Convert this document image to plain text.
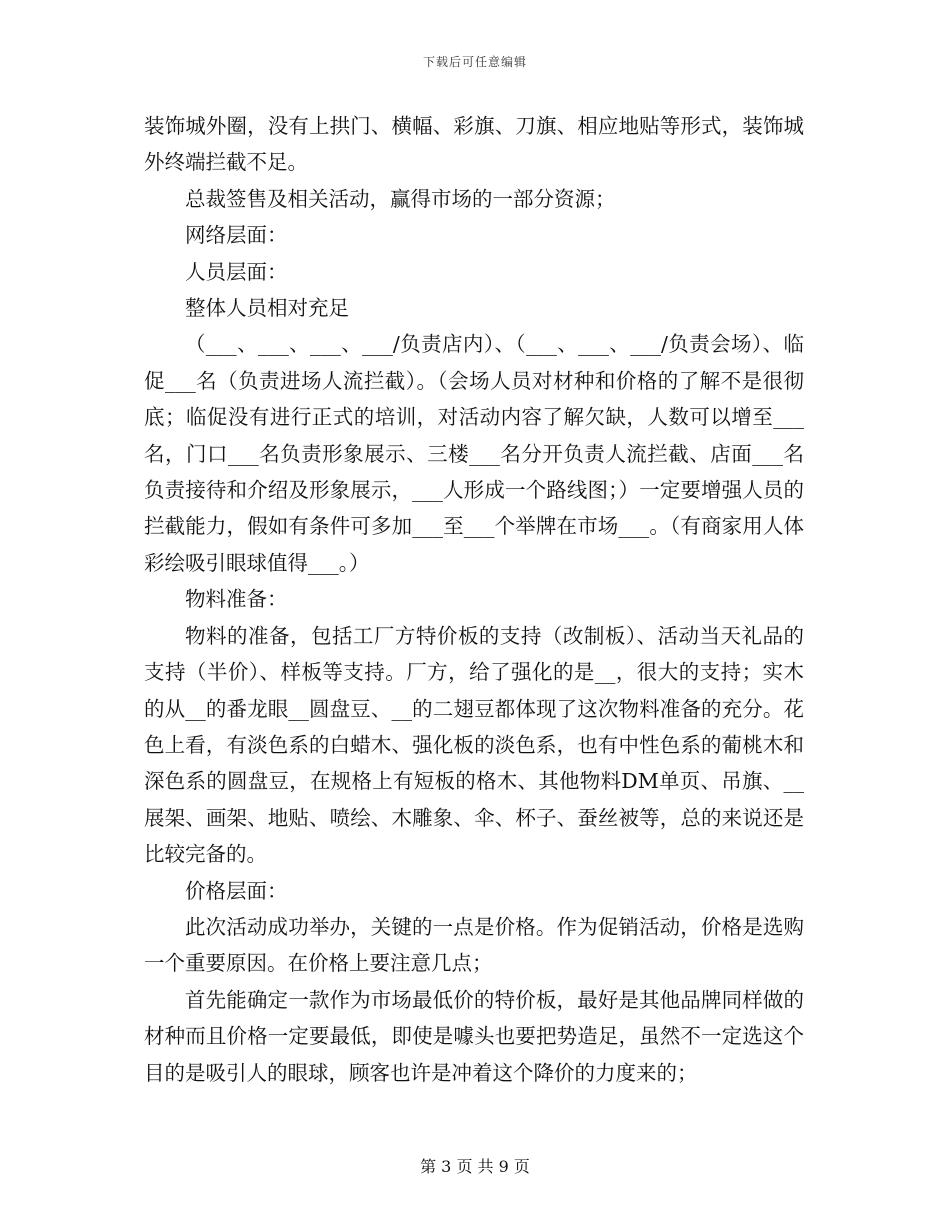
下载后可任意编辑

装饰城外圈，没有上拱门、横幅、彩旗、刀旗、相应地贴等形式，装饰城外终端拦截不足。

总裁签售及相关活动，赢得市场的一部分资源；

网络层面：

人员层面：

整体人员相对充足

（___、___、___、___/负责店内）、（___、___、___/负责会场）、临促___名（负责进场人流拦截）。（会场人员对材种和价格的了解不是很彻底；临促没有进行正式的培训，对活动内容了解欠缺，人数可以增至___名，门口___名负责形象展示、三楼___名分开负责人流拦截、店面___名负责接待和介绍及形象展示，___人形成一个路线图；）一定要增强人员的拦截能力，假如有条件可多加___至___个举牌在市场___。（有商家用人体彩绘吸引眼球值得___。）

物料准备：

物料的准备，包括工厂方特价板的支持（改制板）、活动当天礼品的支持（半价）、样板等支持。厂方，给了强化的是__，很大的支持；实木的从__的番龙眼__圆盘豆、__的二翅豆都体现了这次物料准备的充分。花色上看，有淡色系的白蜡木、强化板的淡色系，也有中性色系的葡桃木和深色系的圆盘豆，在规格上有短板的格木、其他物料DM单页、吊旗、__展架、画架、地贴、喷绘、木雕象、伞、杯子、蚕丝被等，总的来说还是比较完备的。

价格层面：

此次活动成功举办，关键的一点是价格。作为促销活动，价格是选购一个重要原因。在价格上要注意几点；

首先能确定一款作为市场最低价的特价板，最好是其他品牌同样做的材种而且价格一定要最低，即使是噱头也要把势造足，虽然不一定选这个目的是吸引人的眼球，顾客也许是冲着这个降价的力度来的；

第 3 页 共 9 页
